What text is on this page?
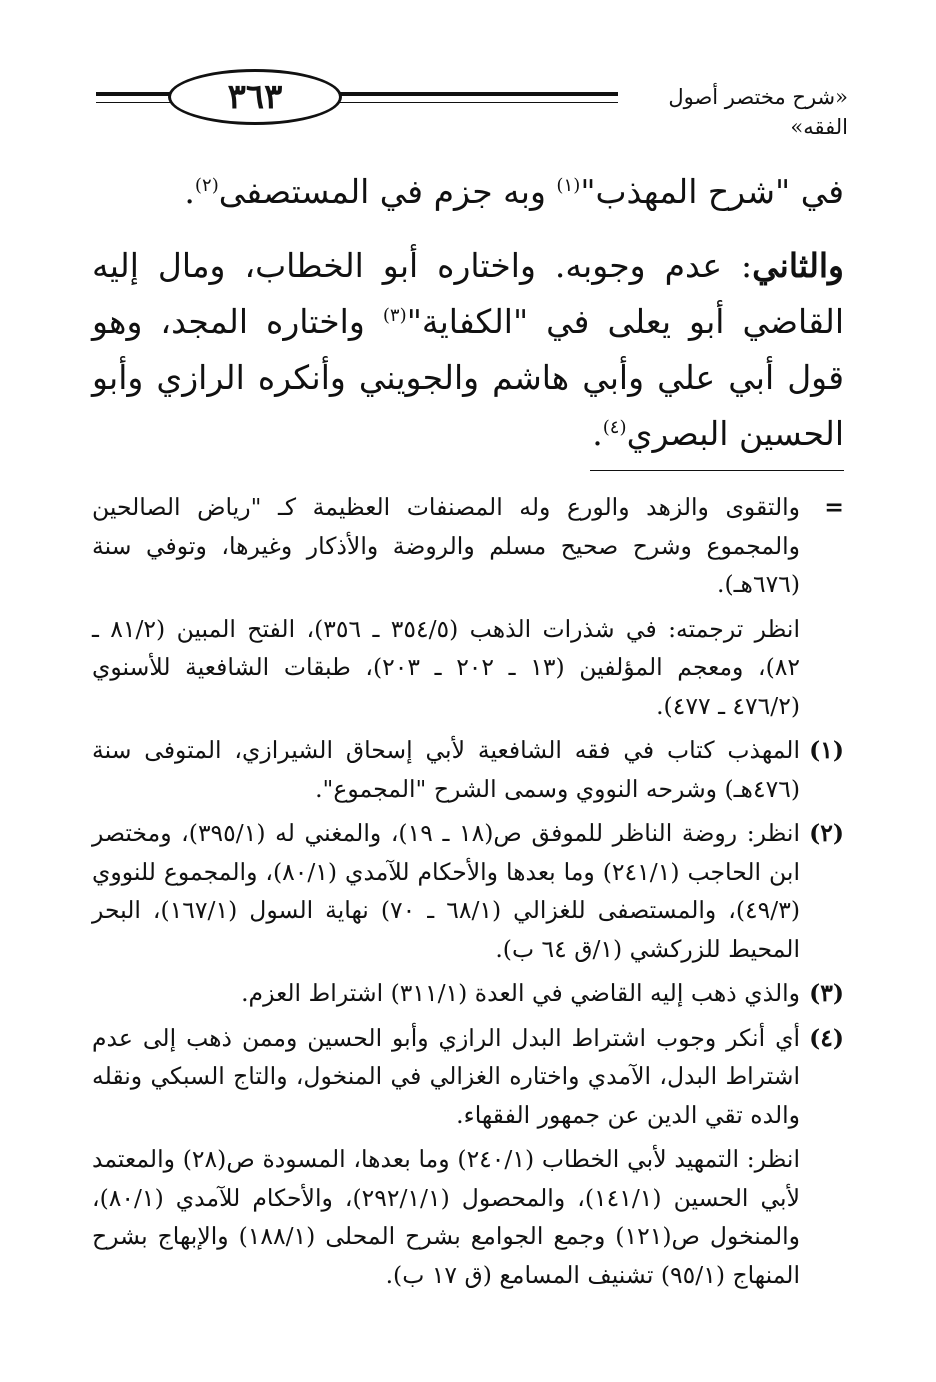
٣٦٣	«شرح مختصر أصول الفقه»

في "شرح المهذب"$^{(١)}$ وبه جزم في المستصفى$^{(٢)}$.

والثاني: عدم وجوبه. واختاره أبو الخطاب، ومال إليه القاضي أبو يعلى في "الكفاية"$^{(٣)}$ واختاره المجد، وهو قول أبي علي وأبي هاشم والجويني وأنكره الرازي وأبو الحسين البصري$^{(٤)}$.

=

والتقوى والزهد والورع وله المصنفات العظيمة كـ "رياض الصالحين والمجموع وشرح صحيح مسلم والروضة والأذكار وغيرها، وتوفي سنة (٦٧٦هـ).

انظر ترجمته: في شذرات الذهب (٣٥٤/٥ ـ ٣٥٦)، الفتح المبين (٨١/٢ ـ ٨٢)، ومعجم المؤلفين (١٣ ـ ٢٠٢ ـ ٢٠٣)، طبقات الشافعية للأسنوي (٤٧٦/٢ ـ ٤٧٧).

(١)

المهذب كتاب في فقه الشافعية لأبي إسحاق الشيرازي، المتوفى سنة (٤٧٦هـ) وشرحه النووي وسمى الشرح "المجموع".

(٢)

انظر: روضة الناظر للموفق ص(١٨ ـ ١٩)، والمغني له (٣٩٥/١)، ومختصر ابن الحاجب (٢٤١/١) وما بعدها والأحكام للآمدي (٨٠/١)، والمجموع للنووي (٤٩/٣)، والمستصفى للغزالي (٦٨/١ ـ ٧٠) نهاية السول (١٦٧/١)، البحر المحيط للزركشي (١/ق ٦٤ ب).

(٣)

والذي ذهب إليه القاضي في العدة (٣١١/١) اشتراط العزم.

(٤)

أي أنكر وجوب اشتراط البدل الرازي وأبو الحسين وممن ذهب إلى عدم اشتراط البدل، الآمدي واختاره الغزالي في المنخول، والتاج السبكي ونقله والده تقي الدين عن جمهور الفقهاء.

انظر: التمهيد لأبي الخطاب (٢٤٠/١) وما بعدها، المسودة ص(٢٨) والمعتمد لأبي الحسين (١٤١/١)، والمحصول (٢٩٢/١/١)، والأحكام للآمدي (٨٠/١)، والمنخول ص(١٢١) وجمع الجوامع بشرح المحلى (١٨٨/١) والإبهاج بشرح المنهاج (٩٥/١) تشنيف المسامع (ق ١٧ ب).
